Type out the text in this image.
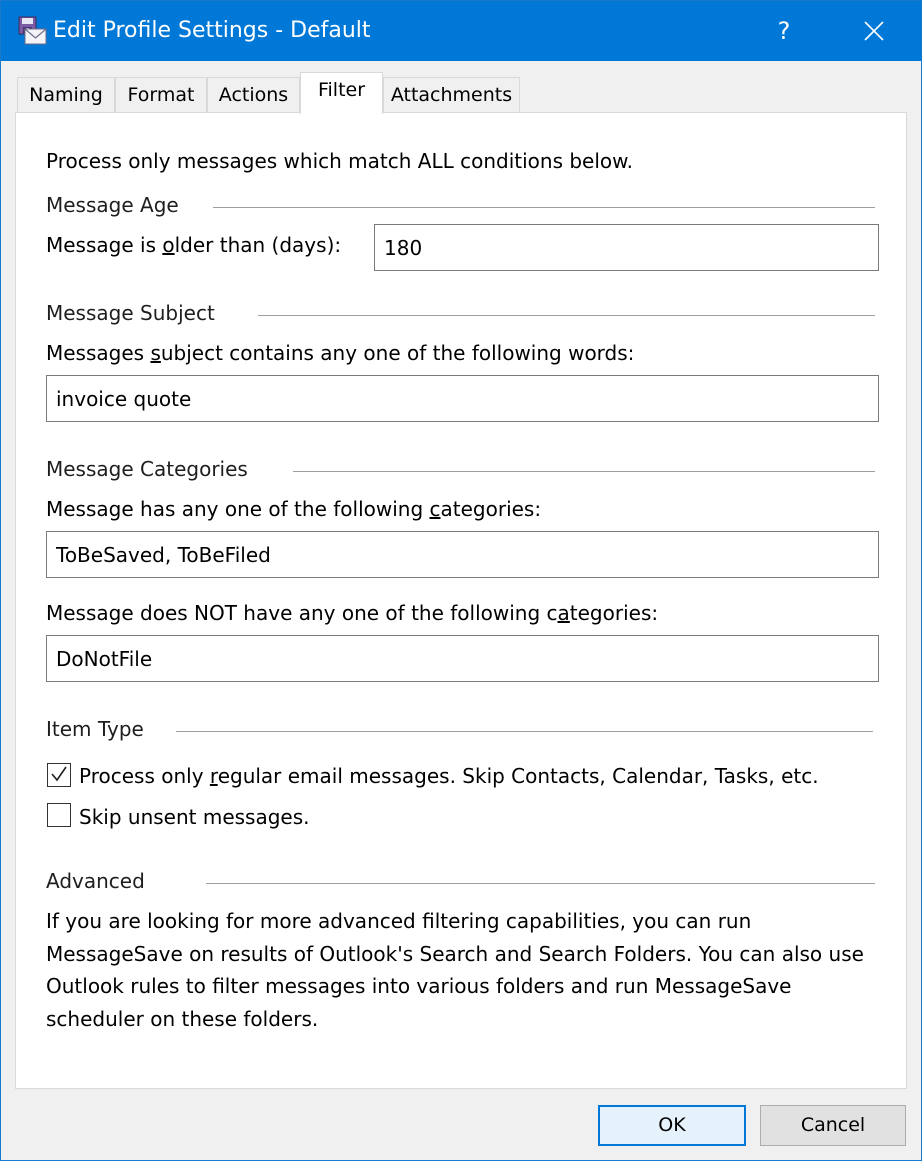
Edit Profile Settings - Default	?
Naming	Format	Actions	Filter	Attachments
Process only messages which match ALL conditions below.
Message Age
Message is older than (days):
180
Message Subject
Messages subject contains any one of the following words:
invoice quote
Message Categories
Message has any one of the following categories:
ToBeSaved, ToBeFiled
Message does NOT have any one of the following categories:
DoNotFile
Item Type
Process only regular email messages. Skip Contacts, Calendar, Tasks, etc.
Skip unsent messages.
Advanced
If you are looking for more advanced filtering capabilities, you can run MessageSave on results of Outlook's Search and Search Folders. You can also use Outlook rules to filter messages into various folders and run MessageSave scheduler on these folders.
OK	Cancel
